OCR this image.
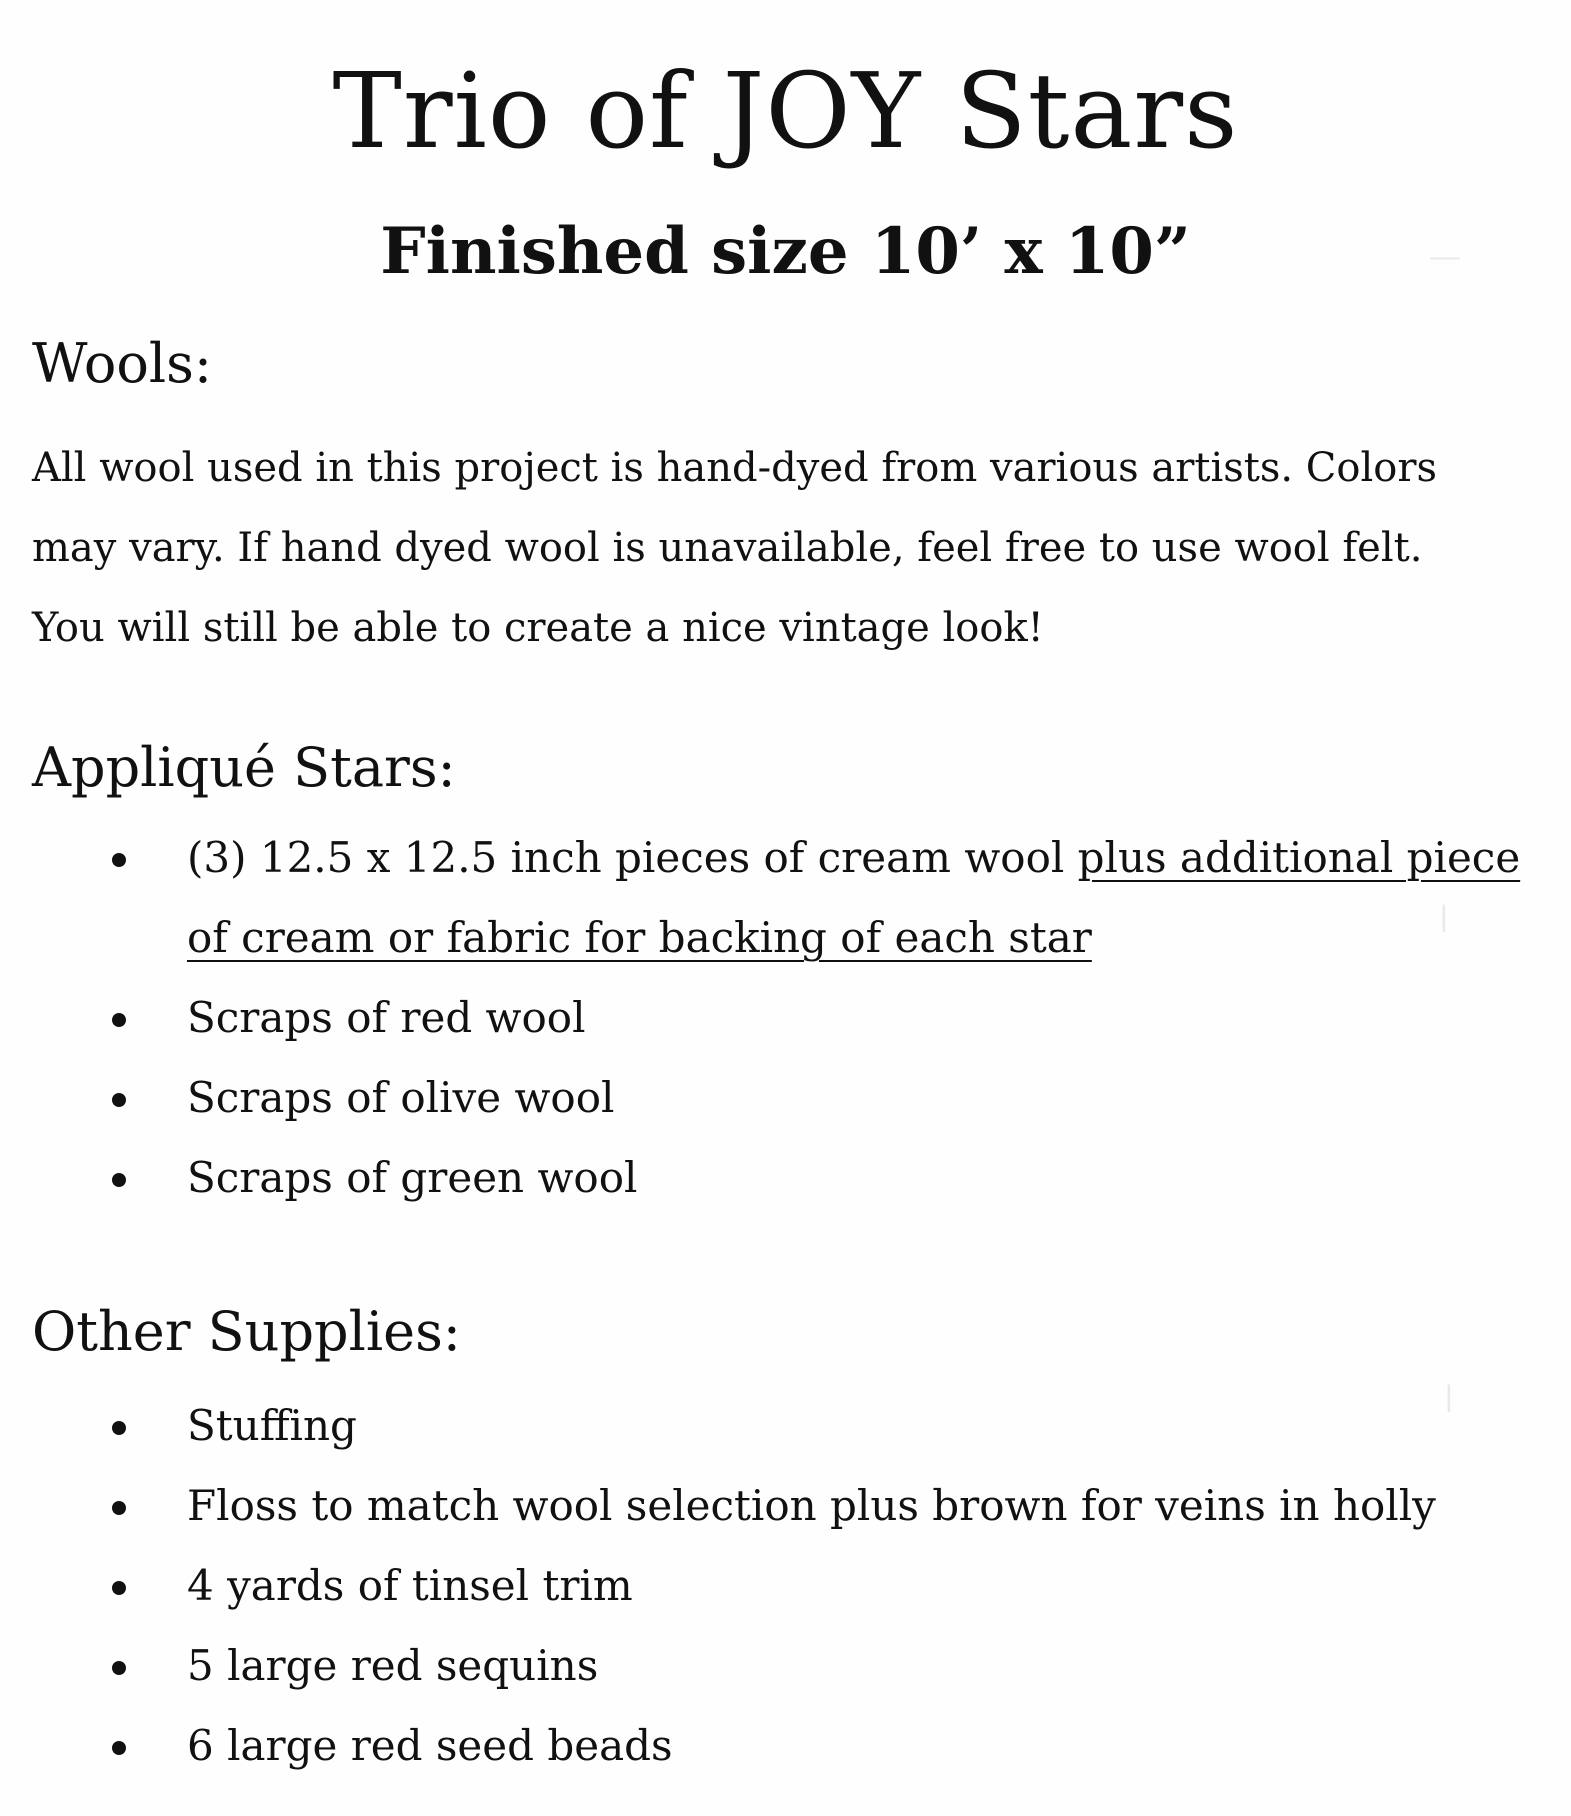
—
|
|
Trio of JOY Stars
Finished size 10’ x 10”
Wools:
All wool used in this project is hand-dyed from various artists. Colors
may vary. If hand dyed wool is unavailable, feel free to use wool felt.
You will still be able to create a nice vintage look!
Appliqué Stars:
(3) 12.5 x 12.5 inch pieces of cream wool plus additional piece
of cream or fabric for backing of each star
Scraps of red wool
Scraps of olive wool
Scraps of green wool
Other Supplies:
Stuffing
Floss to match wool selection plus brown for veins in holly
4 yards of tinsel trim
5 large red sequins
6 large red seed beads
